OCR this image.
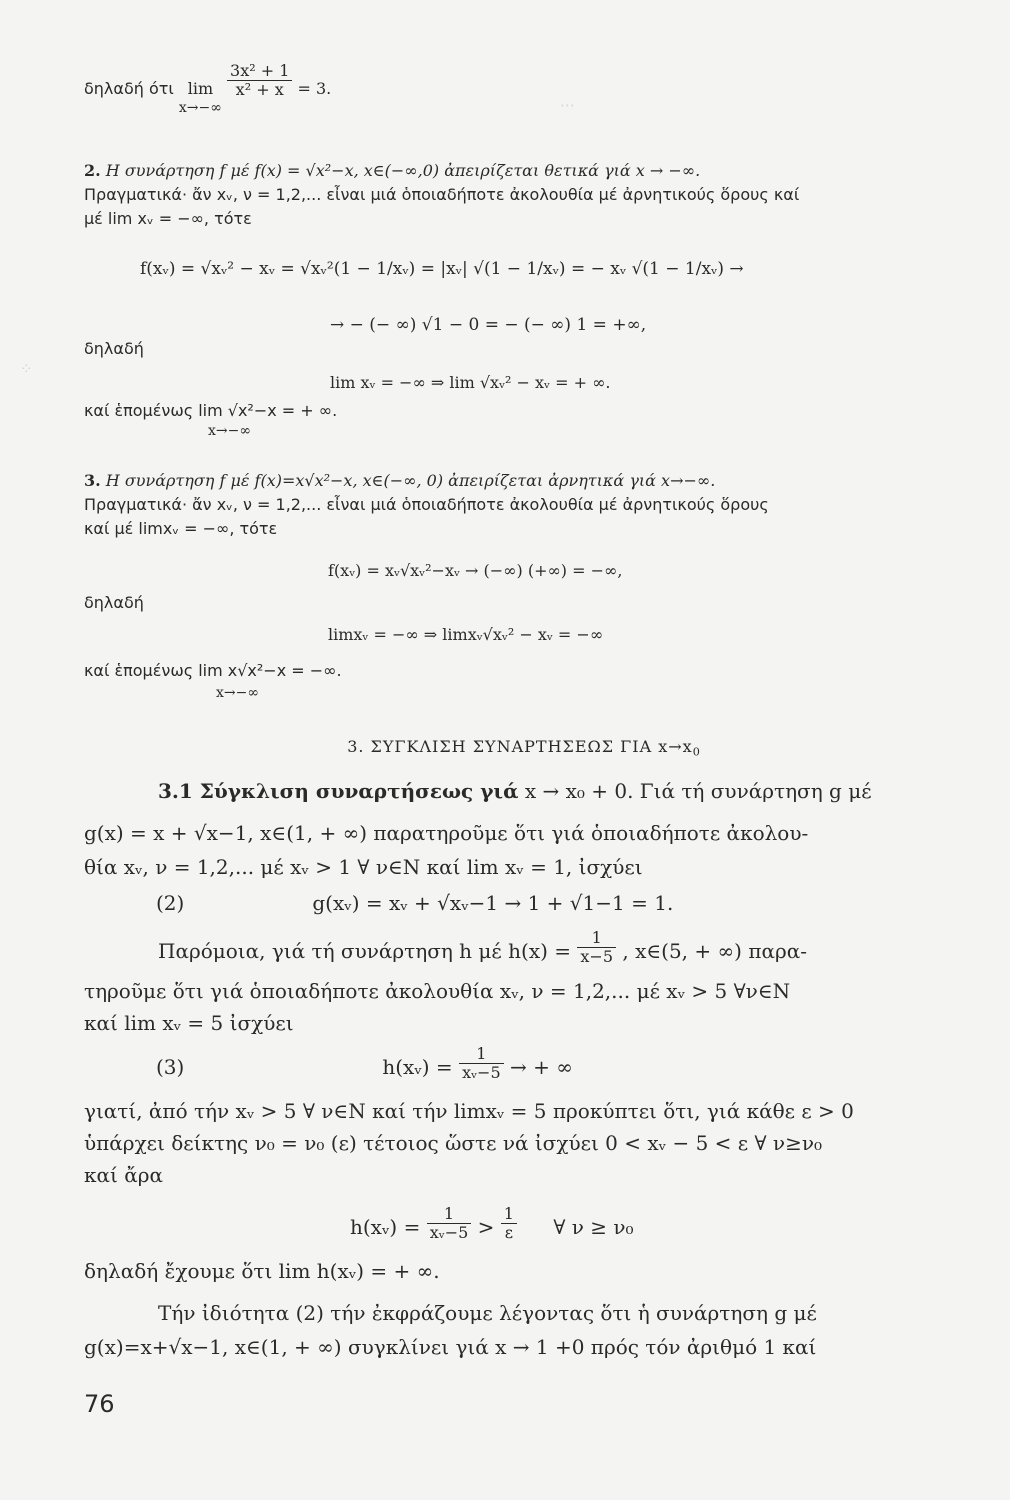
⋯
⁘
δηλαδή ότι lim
x→−∞

$\frac{\text{3x² + 1}}{\text{x² + x}} = 3$.
2. Η συνάρτηση f μέ f(x) = √x²−x, x∈(−∞,0) ἀπειρίζεται θετικά γιά x → −∞.
Πραγματικά· ἄν xᵥ, ν = 1,2,... εἶναι μιά ὁποιαδήποτε ἀκολουθία μέ ἀρνητικούς ὅρους καί
μέ lim xᵥ = −∞, τότε
f(xᵥ) = √xᵥ² − xᵥ = √xᵥ²(1 − 1/xᵥ) = |xᵥ| √(1 − 1/xᵥ) = − xᵥ √(1 − 1/xᵥ) →
→ − (− ∞) √1 − 0 = − (− ∞) 1 = +∞,
δηλαδή
lim xᵥ = −∞ ⇒ lim √xᵥ² − xᵥ = + ∞.
καί ἑπομένως lim √x²−x = + ∞.
x→−∞
3. Η συνάρτηση f μέ f(x)=x√x²−x, x∈(−∞, 0) ἀπειρίζεται ἀρνητικά γιά x→−∞.
Πραγματικά· ἄν xᵥ, ν = 1,2,... εἶναι μιά ὁποιαδήποτε ἀκολουθία μέ ἀρνητικούς ὅρους
καί μέ limxᵥ = −∞, τότε
f(xᵥ) = xᵥ√xᵥ²−xᵥ → (−∞) (+∞) = −∞,
δηλαδή
limxᵥ = −∞ ⇒ limxᵥ√xᵥ² − xᵥ = −∞
καί ἑπομένως lim x√x²−x = −∞.
x→−∞
3. ΣΥΓΚΛΙΣΗ ΣΥΝΑΡΤΗΣΕΩΣ ΓΙΑ $x\to x_0$
3.1 Σύγκλιση συναρτήσεως γιά x → x₀ + 0. Γιά τή συνάρτηση g μέ
g(x) = x + √x−1, x∈(1, + ∞) παρατηροῦμε ὅτι γιά ὁποιαδήποτε ἀκολου-
θία xᵥ, ν = 1,2,... μέ xᵥ > 1 ∀ ν∈N καί lim xᵥ = 1, ἰσχύει
(2)	g(xᵥ) = xᵥ + √xᵥ−1 → 1 + √1−1 = 1.
Παρόμοια, γιά τή συνάρτηση h μέ $h(x) = \frac{1}{x-5}$ , x∈(5, + ∞) παρα-
τηροῦμε ὅτι γιά ὁποιαδήποτε ἀκολουθία xᵥ, ν = 1,2,... μέ xᵥ > 5 ∀ν∈N
καί lim xᵥ = 5 ἰσχύει
(3)	h(xᵥ) = $\frac{1}{\text{xᵥ−5}}$ → + ∞
γιατί, ἀπό τήν xᵥ > 5 ∀ ν∈N καί τήν limxᵥ = 5 προκύπτει ὅτι, γιά κάθε ε > 0
ὑπάρχει δείκτης ν₀ = ν₀ (ε) τέτοιος ὥστε νά ἰσχύει 0 < xᵥ − 5 < ε ∀ ν≥ν₀
καί ἄρα
h(xᵥ) = $\frac{1}{\text{xᵥ−5}} > \frac{1}{\varepsilon}$ ∀ ν ≥ ν₀
δηλαδή ἔχουμε ὅτι lim h(xᵥ) = + ∞.
Τήν ἰδιότητα (2) τήν ἐκφράζουμε λέγοντας ὅτι ἡ συνάρτηση g μέ
g(x)=x+√x−1, x∈(1, + ∞) συγκλίνει γιά x → 1 +0 πρός τόν ἀριθμό 1 καί
76
